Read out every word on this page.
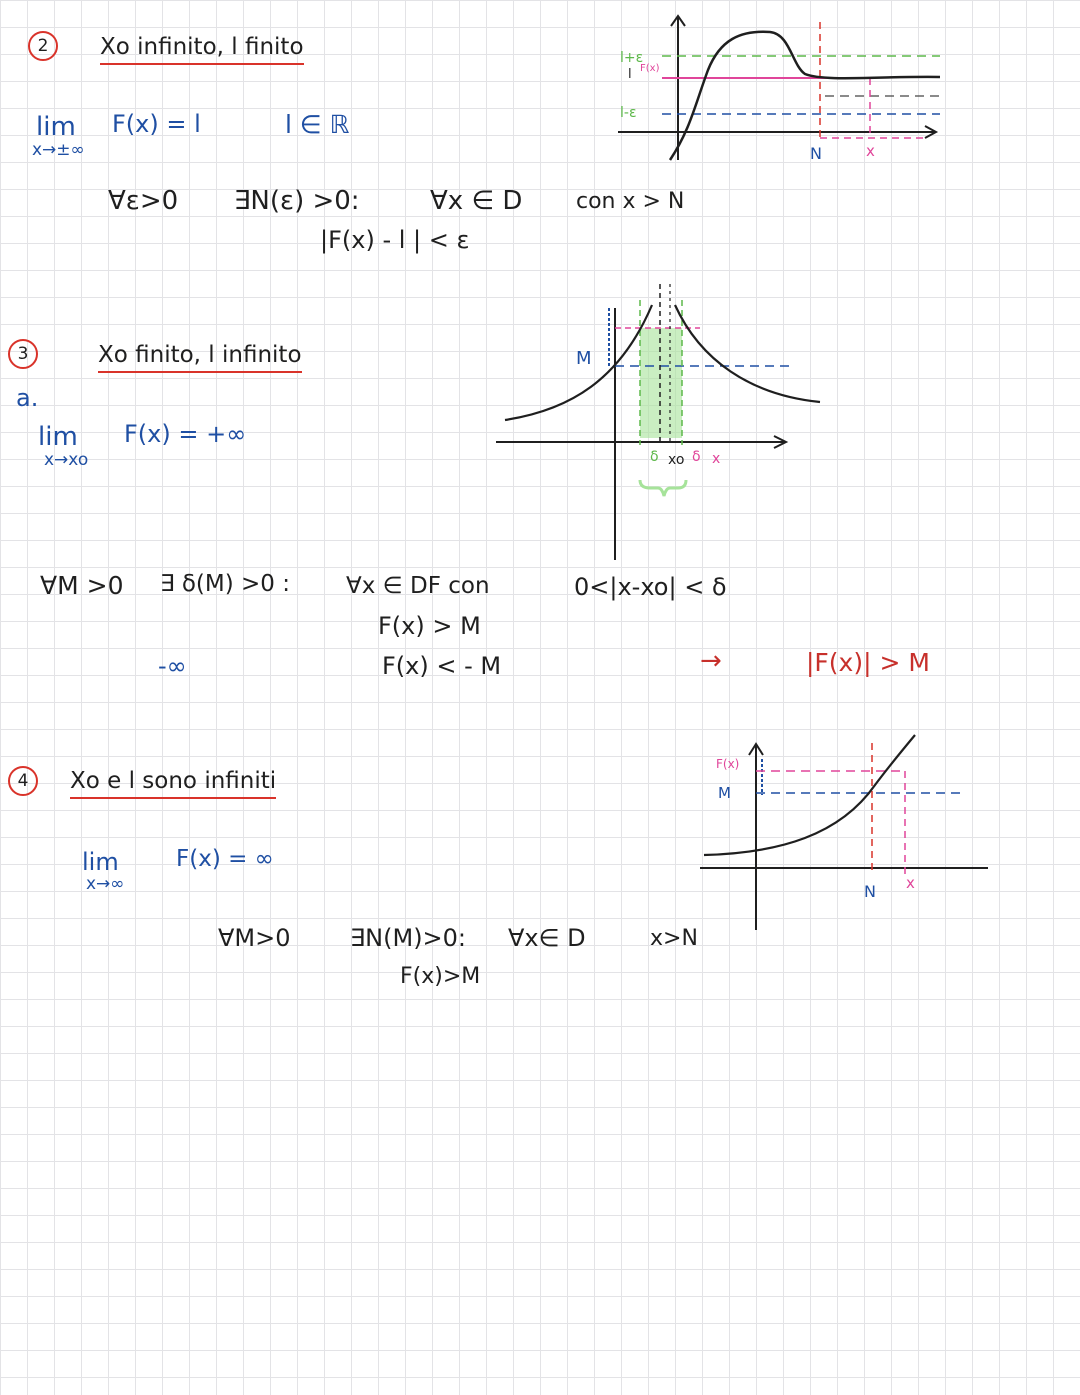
2	Xo infinito, l finito
lim F(x) = l
x→±∞
l ∈ ℝ
∀ε>0 ∃N(ε) >0:	∀x ∈ D con x > N
|F(x) - l | < ε
l+ε
l F(x)
l-ε
N	x
3	Xo finito, l infinito
a.
lim F(x) = +∞
x→xo
∀M >0 ∃ δ(M) >0 : ∀x ∈ DF con	0<|x-xo| < δ
F(x) > M
-∞	F(x) < - M	→	|F(x)| > M
M
δ xo δ x
4	Xo e l sono infiniti
lim F(x) = ∞
x→∞
∀M>0 ∃N(M)>0: ∀x∈ D	x>N
F(x)>M
F(x)
M
N x
